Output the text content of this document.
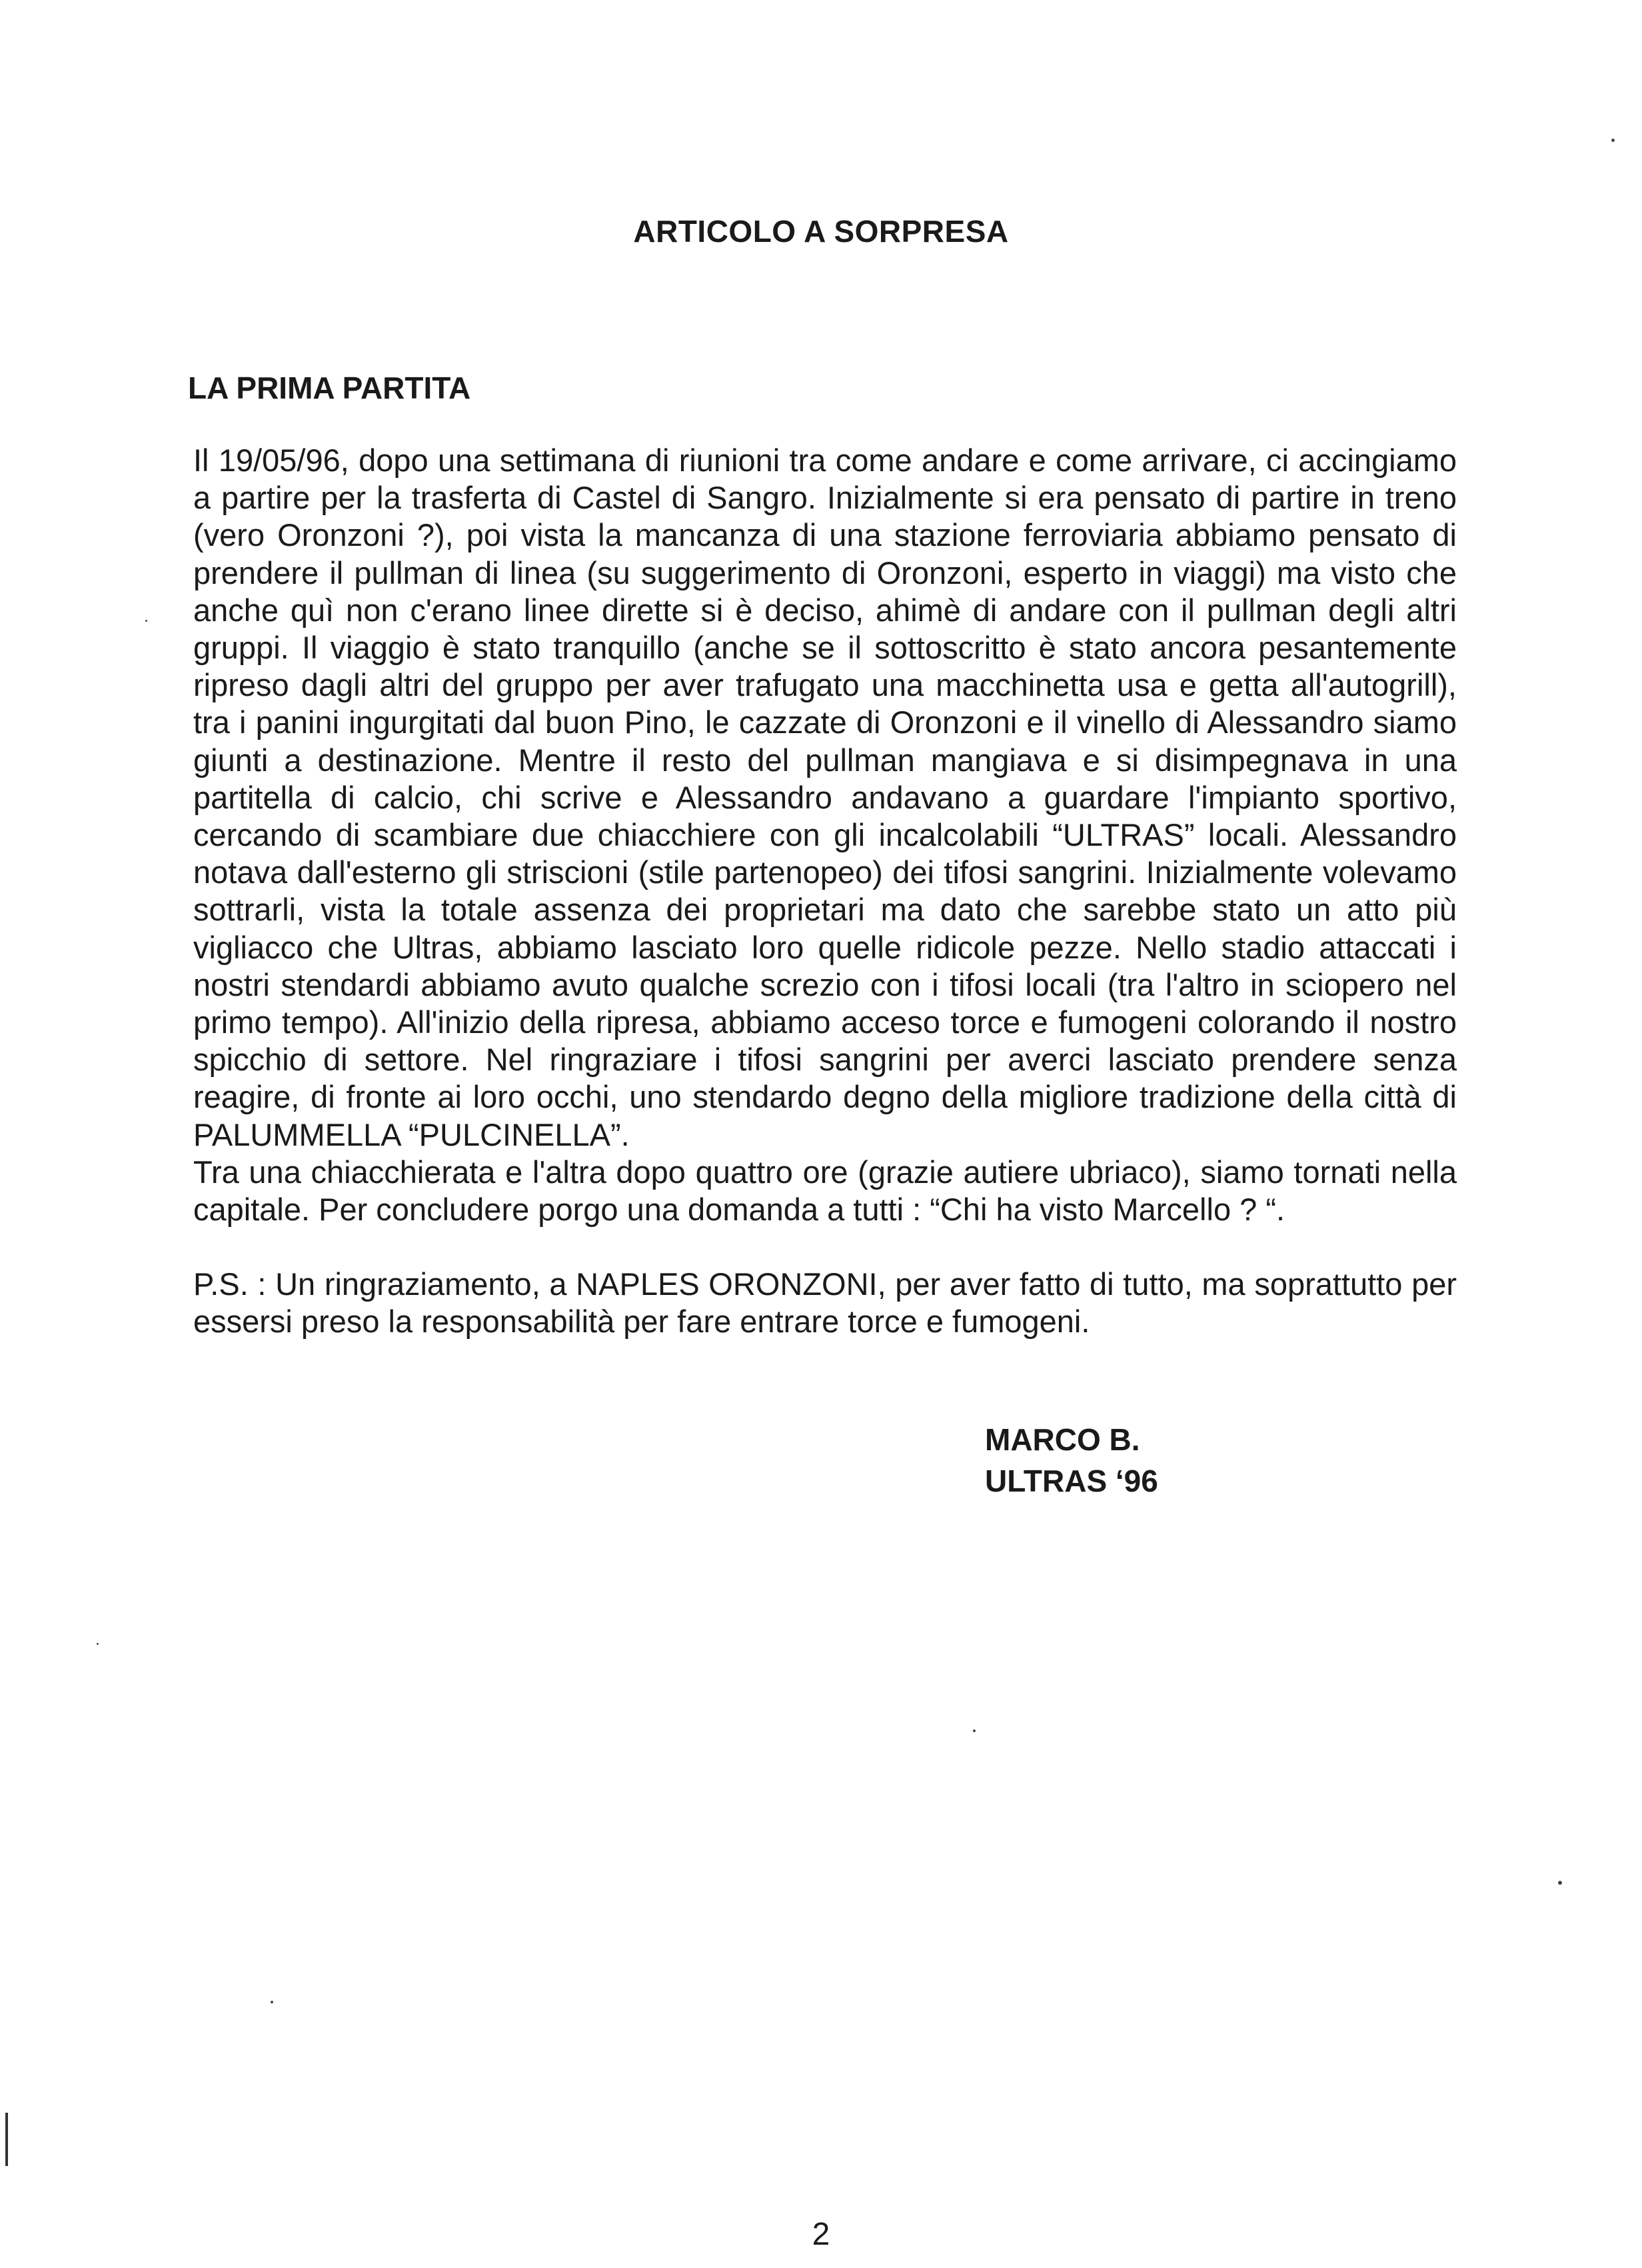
ARTICOLO A SORPRESA
LA PRIMA PARTITA

Il 19/05/96, dopo una settimana di riunioni tra come andare e come arrivare, ci accingiamo a partire per la trasferta di Castel di Sangro. Inizialmente si era pensato di partire in treno (vero Oronzoni ?), poi vista la mancanza di una stazione ferroviaria abbiamo pensato di prendere il pullman di linea (su suggerimento di Oronzoni, esperto in viaggi) ma visto che anche quì non c'erano linee dirette si è deciso, ahimè di andare con il pullman degli altri gruppi. Il viaggio è stato tranquillo (anche se il sottoscritto è stato ancora pesantemente ripreso dagli altri del gruppo per aver trafugato una macchinetta usa e getta all'autogrill), tra i panini ingurgitati dal buon Pino, le cazzate di Oronzoni e il vinello di Alessandro siamo giunti a destinazione. Mentre il resto del pullman mangiava e si disimpegnava in una partitella di calcio, chi scrive e Alessandro andavano a guardare l'impianto sportivo, cercando di scambiare due chiacchiere con gli incalcolabili “ULTRAS” locali. Alessandro notava dall'esterno gli striscioni (stile partenopeo) dei tifosi sangrini. Inizialmente volevamo sottrarli, vista la totale assenza dei proprietari ma dato che sarebbe stato un atto più vigliacco che Ultras, abbiamo lasciato loro quelle ridicole pezze. Nello stadio attaccati i nostri stendardi abbiamo avuto qualche screzio con i tifosi locali (tra l'altro in sciopero nel primo tempo). All'inizio della ripresa, abbiamo acceso torce e fumogeni colorando il nostro spicchio di settore. Nel ringraziare i tifosi sangrini per averci lasciato prendere senza reagire, di fronte ai loro occhi, uno stendardo degno della migliore tradizione della città di PALUMMELLA “PULCINELLA”.

Tra una chiacchierata e l'altra dopo quattro ore (grazie autiere ubriaco), siamo tornati nella capitale. Per concludere porgo una domanda a tutti : “Chi ha visto Marcello ? “.

P.S. : Un ringraziamento, a NAPLES ORONZONI, per aver fatto di tutto, ma soprattutto per essersi preso la responsabilità per fare entrare torce e fumogeni.

MARCO B.
ULTRAS ‘96
2
